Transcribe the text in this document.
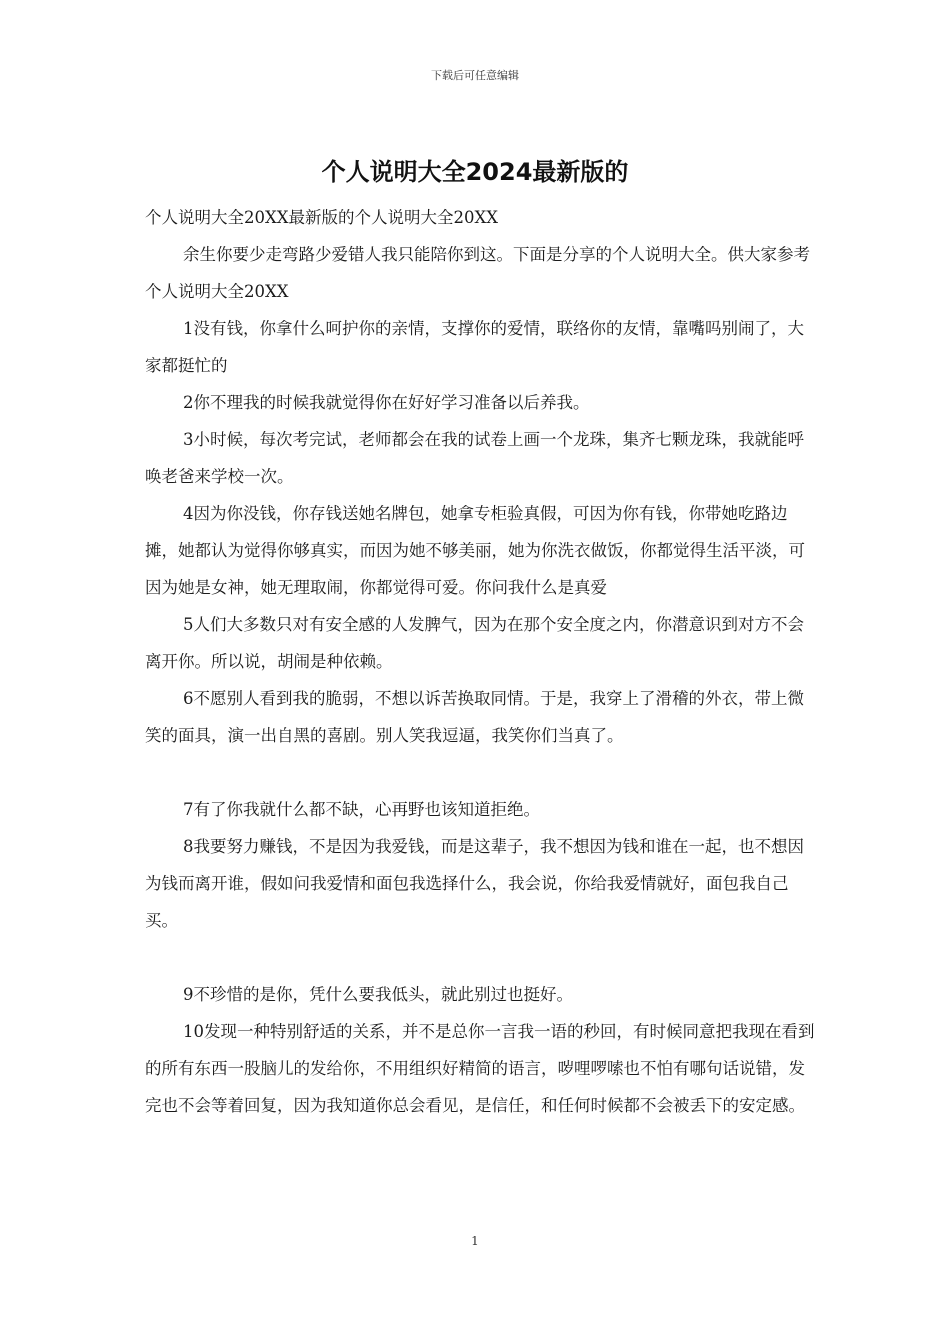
下载后可任意编辑
个人说明大全2024最新版的

个人说明大全20XX最新版的个人说明大全20XX

余生你要少走弯路少爱错人我只能陪你到这。下面是分享的个人说明大全。供大家参考个人说明大全20XX

1没有钱，你拿什么呵护你的亲情，支撑你的爱情，联络你的友情，靠嘴吗别闹了，大家都挺忙的

2你不理我的时候我就觉得你在好好学习准备以后养我。

3小时候，每次考完试，老师都会在我的试卷上画一个龙珠，集齐七颗龙珠，我就能呼唤老爸来学校一次。

4因为你没钱，你存钱送她名牌包，她拿专柜验真假，可因为你有钱，你带她吃路边摊，她都认为觉得你够真实，而因为她不够美丽，她为你洗衣做饭，你都觉得生活平淡，可因为她是女神，她无理取闹，你都觉得可爱。你问我什么是真爱

5人们大多数只对有安全感的人发脾气，因为在那个安全度之内，你潜意识到对方不会离开你。所以说，胡闹是种依赖。

6不愿别人看到我的脆弱，不想以诉苦换取同情。于是，我穿上了滑稽的外衣，带上微笑的面具，演一出自黑的喜剧。别人笑我逗逼，我笑你们当真了。

7有了你我就什么都不缺，心再野也该知道拒绝。

8我要努力赚钱，不是因为我爱钱，而是这辈子，我不想因为钱和谁在一起，也不想因为钱而离开谁，假如问我爱情和面包我选择什么，我会说，你给我爱情就好，面包我自己买。

9不珍惜的是你，凭什么要我低头，就此别过也挺好。

10发现一种特别舒适的关系，并不是总你一言我一语的秒回，有时候同意把我现在看到的所有东西一股脑儿的发给你，不用组织好精简的语言，哕哩啰嗦也不怕有哪句话说错，发完也不会等着回复，因为我知道你总会看见，是信任，和任何时候都不会被丢下的安定感。

1
